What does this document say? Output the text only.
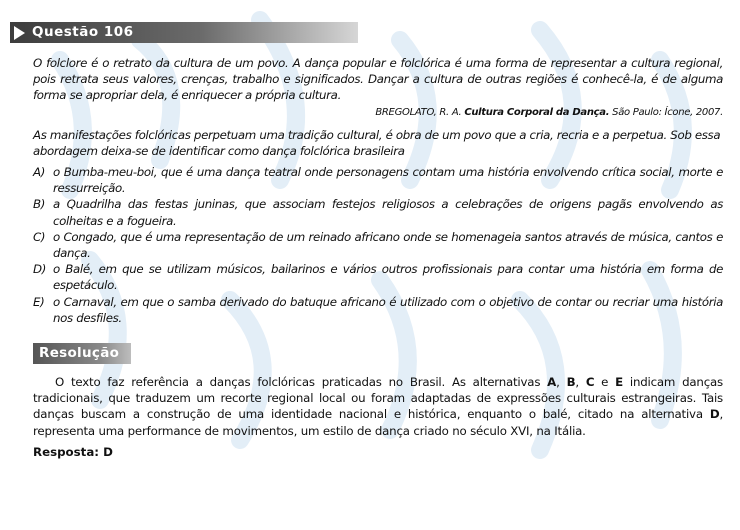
Questão 106
O folclore é o retrato da cultura de um povo. A dança popular e folclórica é uma forma de representar a cultura regional, pois retrata seus valores, crenças, trabalho e significados. Dançar a cultura de outras regiões é conhecê-la, é de alguma forma se apropriar dela, é enriquecer a própria cultura.
BREGOLATO, R. A. Cultura Corporal da Dança. São Paulo: Ícone, 2007.
As manifestações folclóricas perpetuam uma tradição cultural, é obra de um povo que a cria, recria e a perpetua. Sob essa abordagem deixa-se de identificar como dança folclórica brasileira
A) o Bumba-meu-boi, que é uma dança teatral onde personagens contam uma história envolvendo crítica social, morte e ressurreição.
B) a Quadrilha das festas juninas, que associam festejos religiosos a celebrações de origens pagãs envolvendo as colheitas e a fogueira.
C) o Congado, que é uma representação de um reinado africano onde se homenageia santos através de música, cantos e dança.
D) o Balé, em que se utilizam músicos, bailarinos e vários outros profissionais para contar uma história em forma de espetáculo.
E) o Carnaval, em que o samba derivado do batuque africano é utilizado com o objetivo de contar ou recriar uma história nos desfiles.
Resolução
O texto faz referência a danças folclóricas praticadas no Brasil. As alternativas A, B, C e E indicam danças tradicionais, que traduzem um recorte regional local ou foram adaptadas de expressões culturais estrangeiras. Tais danças buscam a construção de uma identidade nacional e histórica, enquanto o balé, citado na alternativa D, representa uma performance de movimentos, um estilo de dança criado no século XVI, na Itália.
Resposta: D
